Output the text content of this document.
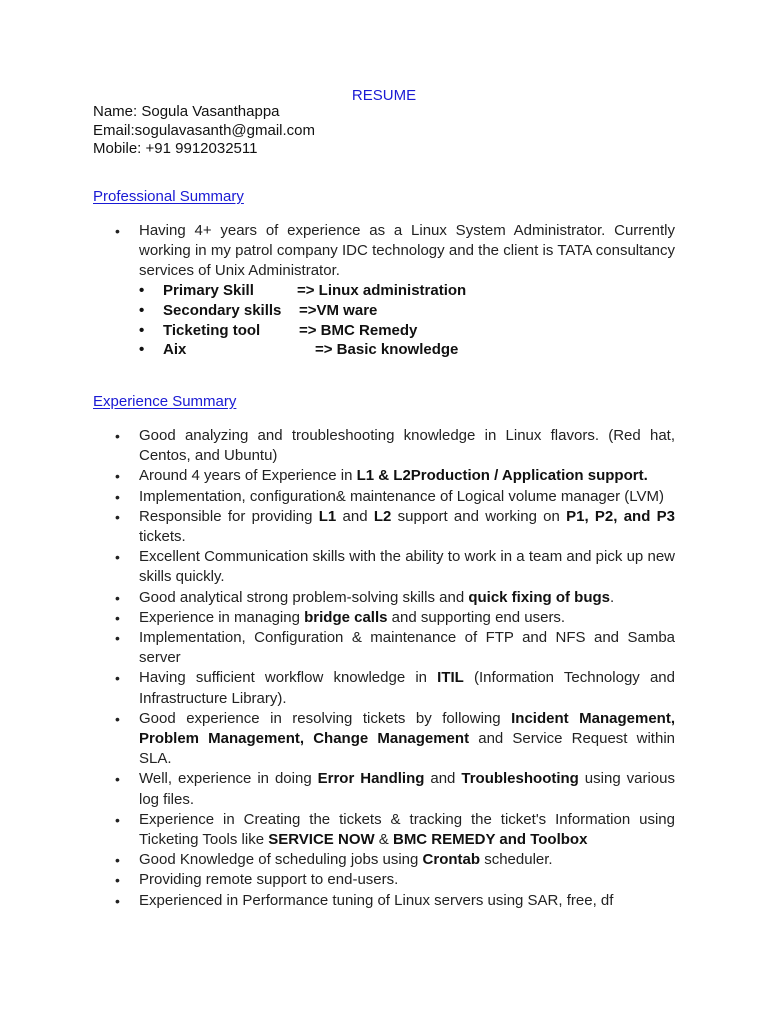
RESUME
Name: Sogula Vasanthappa
Email:sogulavasanth@gmail.com
Mobile: +91 9912032511
Professional Summary
• Having 4+ years of experience as a Linux System Administrator. Currently working in my patrol company IDC technology and the client is TATA consultancy services of Unix Administrator.
• Primary Skill	=> Linux administration
• Secondary skills =>VM ware
• Ticketing tool	=> BMC Remedy
• Aix	=> Basic knowledge
Experience Summary
• Good analyzing and troubleshooting knowledge in Linux flavors. (Red hat, Centos, and Ubuntu)
• Around 4 years of Experience in L1 & L2Production / Application support.
• Implementation, configuration& maintenance of Logical volume manager (LVM)
• Responsible for providing L1 and L2 support and working on P1, P2, and P3 tickets.
• Excellent Communication skills with the ability to work in a team and pick up new skills quickly.
• Good analytical strong problem-solving skills and quick fixing of bugs.
• Experience in managing bridge calls and supporting end users.
• Implementation, Configuration & maintenance of FTP and NFS and Samba server
• Having sufficient workflow knowledge in ITIL (Information Technology and Infrastructure Library).
• Good experience in resolving tickets by following Incident Management, Problem Management, Change Management and Service Request within SLA.
• Well, experience in doing Error Handling and Troubleshooting using various log files.
• Experience in Creating the tickets & tracking the ticket's Information using Ticketing Tools like SERVICE NOW & BMC REMEDY and Toolbox
• Good Knowledge of scheduling jobs using Crontab scheduler.
• Providing remote support to end-users.
• Experienced in Performance tuning of Linux servers using SAR, free, df
